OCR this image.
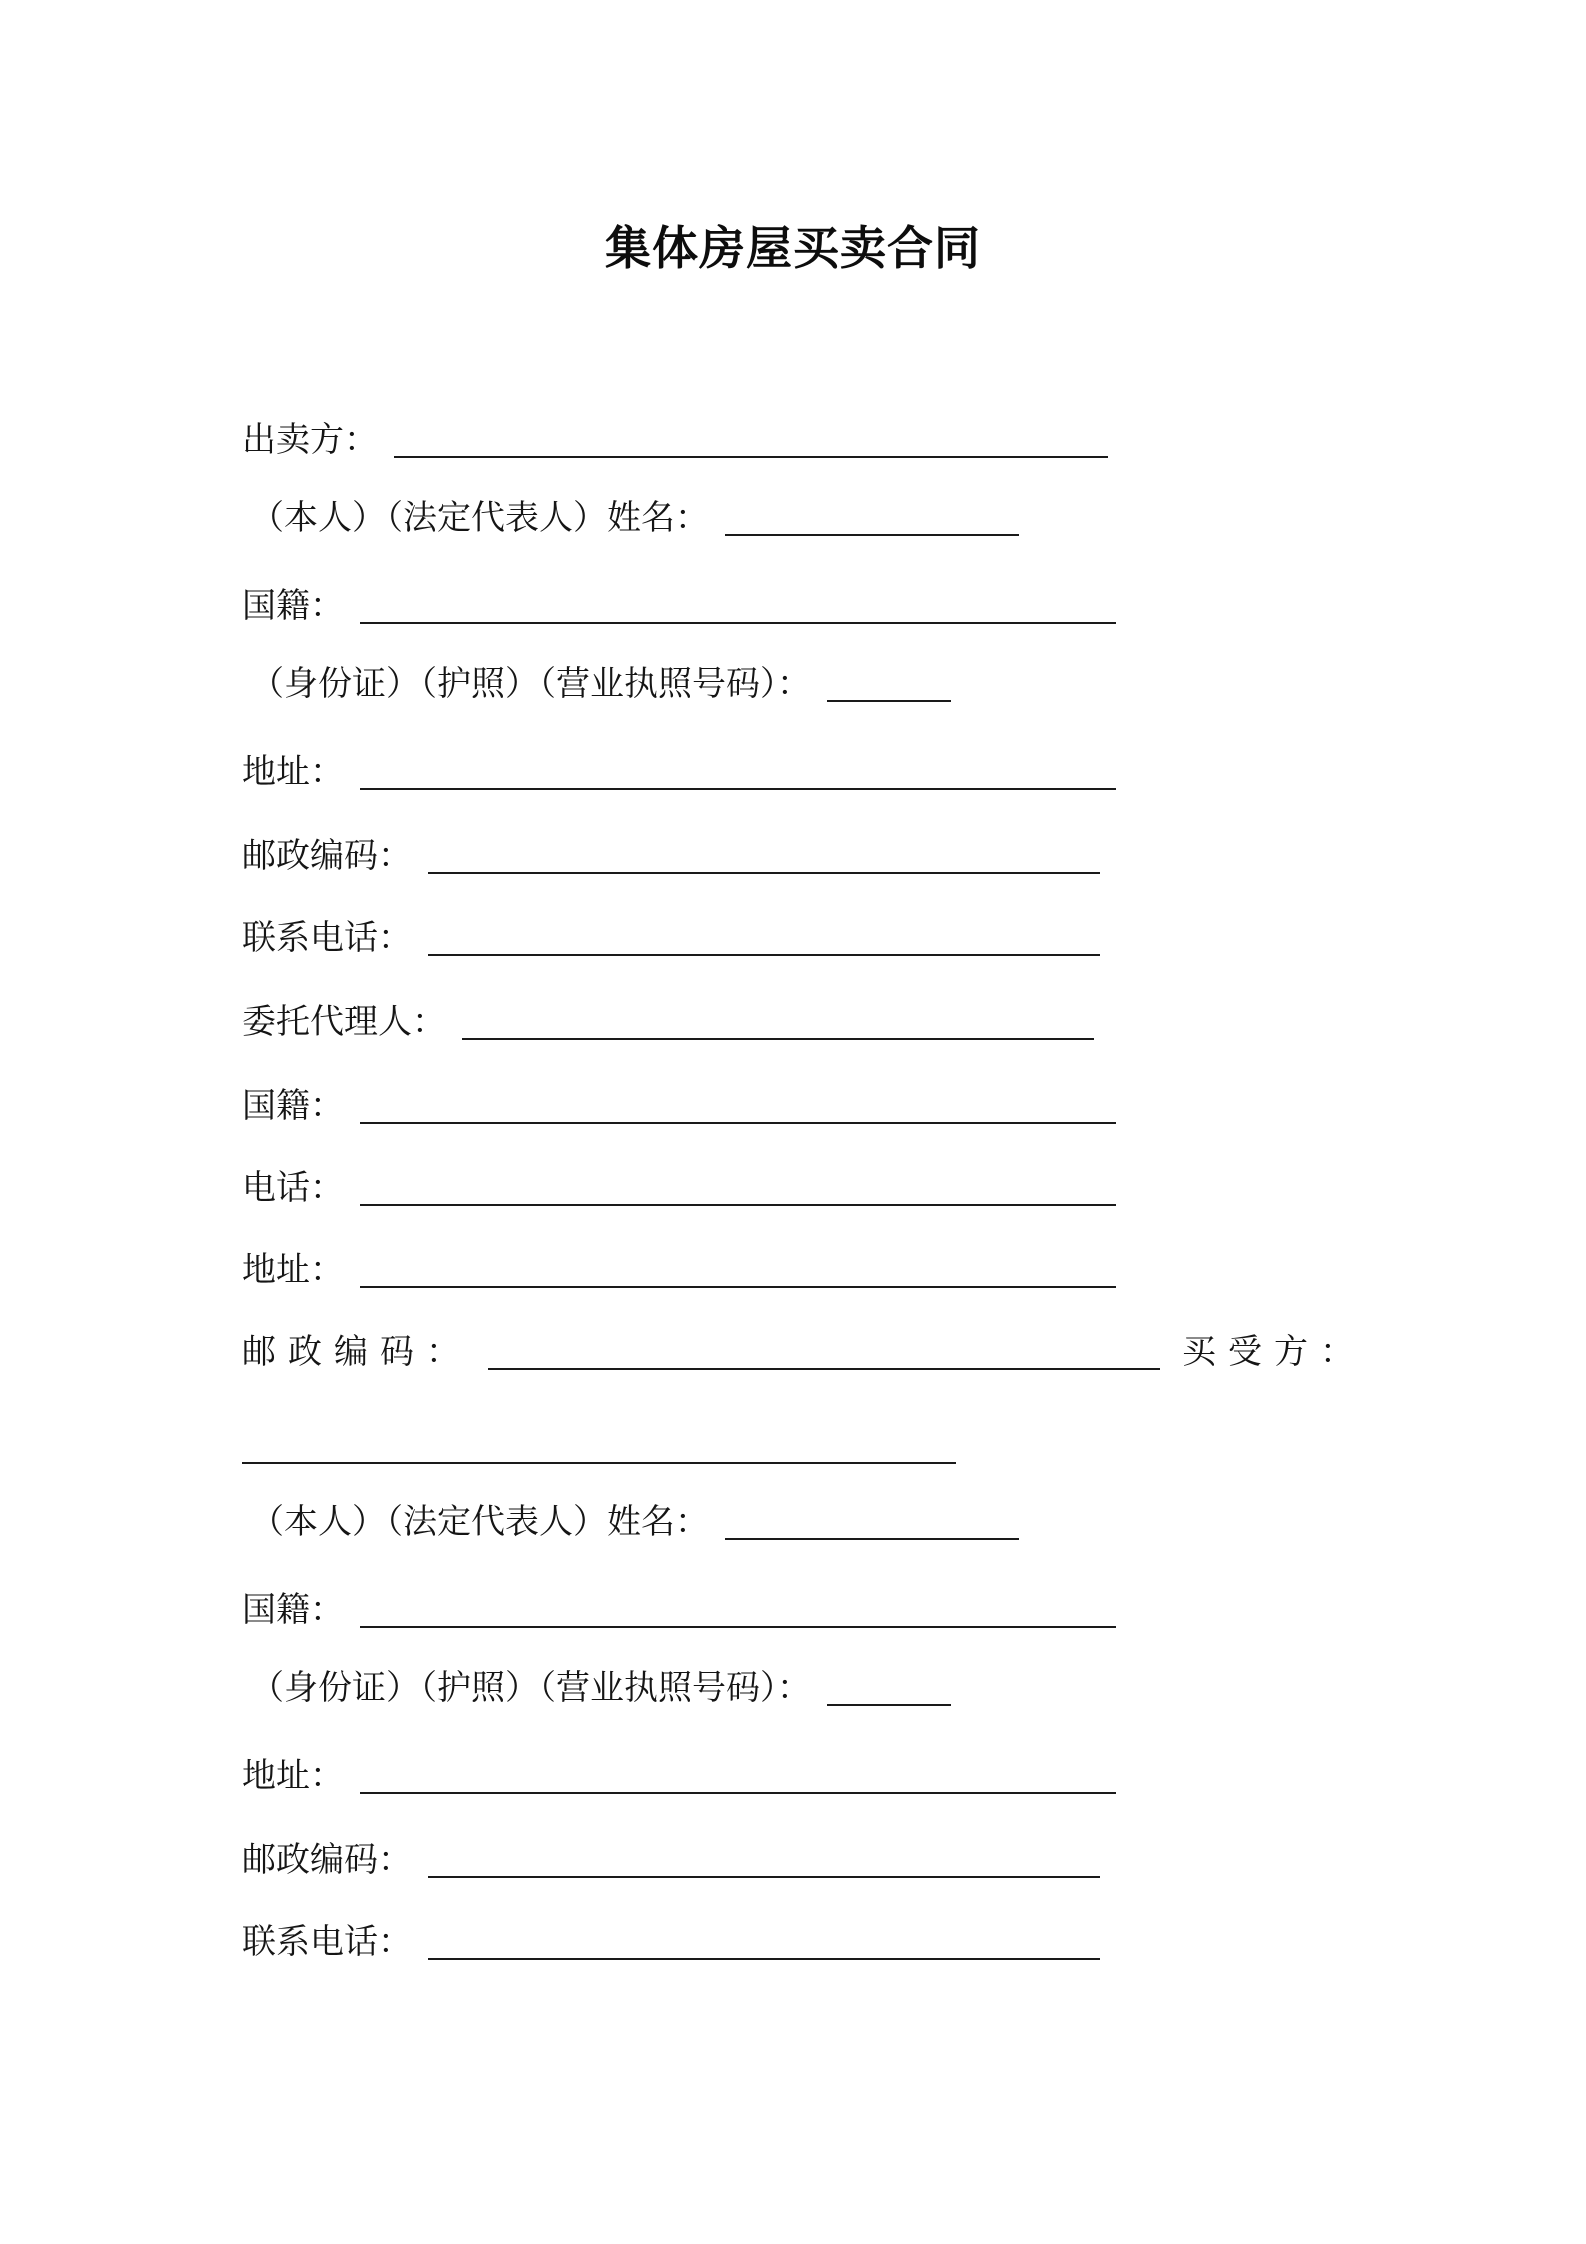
集体房屋买卖合同
出卖方：
（本人）（法定代表人）姓名：
国籍：
（身份证）（护照）（营业执照号码）：
地址：
邮政编码：
联系电话：
委托代理人：
国籍：
电话：
地址：
邮政编码：	买受方：
（本人）（法定代表人）姓名：
国籍：
（身份证）（护照）（营业执照号码）：
地址：
邮政编码：
联系电话：
